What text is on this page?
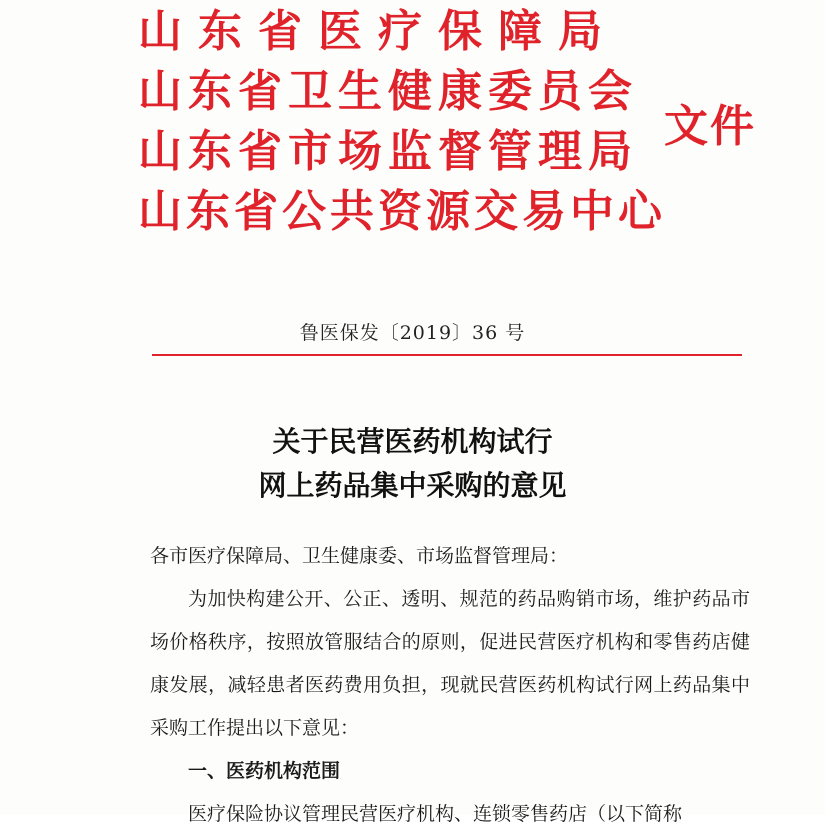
山东省医疗保障局
山东省卫生健康委员会
山东省市场监督管理局
山东省公共资源交易中心
文件
鲁医保发〔2019〕36 号
关于民营医药机构试行
网上药品集中采购的意见

各市医疗保障局、卫生健康委、市场监督管理局：

为加快构建公开、公正、透明、规范的药品购销市场，维护药品市场价格秩序，按照放管服结合的原则，促进民营医疗机构和零售药店健康发展，减轻患者医药费用负担，现就民营医药机构试行网上药品集中采购工作提出以下意见：

一、医药机构范围

医疗保险协议管理民营医疗机构、连锁零售药店（以下简称
